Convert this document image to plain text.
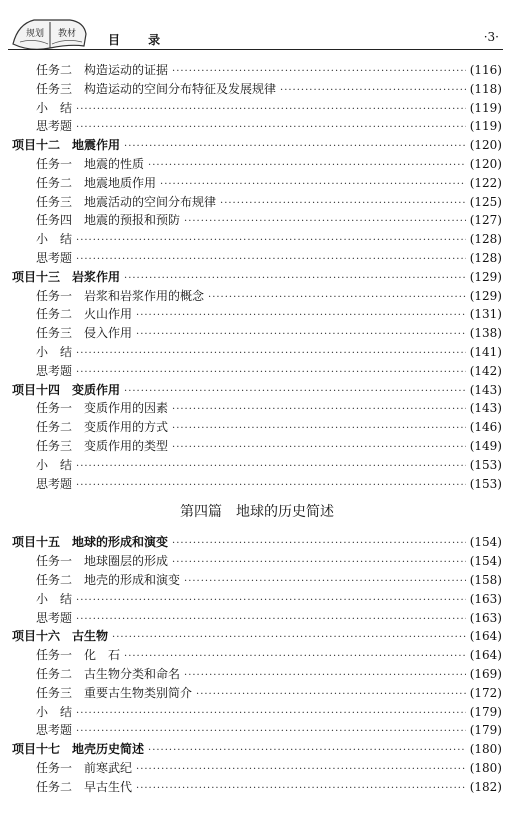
规划 教材	目 录	·3·
任务二　构造运动的证据 ·····	(116)
任务三　构造运动的空间分布特征及发展规律 ·····	(118)
小　结 ·····	(119)
思考题 ·····	(119)
项目十二　地震作用 ·····	(120)
任务一　地震的性质 ·····	(120)
任务二　地震地质作用 ·····	(122)
任务三　地震活动的空间分布规律 ·····	(125)
任务四　地震的预报和预防 ·····	(127)
小　结 ·····	(128)
思考题 ·····	(128)
项目十三　岩浆作用 ·····	(129)
任务一　岩浆和岩浆作用的概念 ·····	(129)
任务二　火山作用 ·····	(131)
任务三　侵入作用 ·····	(138)
小　结 ·····	(141)
思考题 ·····	(142)
项目十四　变质作用 ·····	(143)
任务一　变质作用的因素 ·····	(143)
任务二　变质作用的方式 ·····	(146)
任务三　变质作用的类型 ·····	(149)
小　结 ·····	(153)
思考题 ·····	(153)
第四篇　地球的历史简述
项目十五　地球的形成和演变 ·····	(154)
任务一　地球圈层的形成 ·····	(154)
任务二　地壳的形成和演变 ·····	(158)
小　结 ·····	(163)
思考题 ·····	(163)
项目十六　古生物 ·····	(164)
任务一　化　石 ·····	(164)
任务二　古生物分类和命名 ·····	(169)
任务三　重要古生物类别简介 ·····	(172)
小　结 ·····	(179)
思考题 ·····	(179)
项目十七　地壳历史简述 ·····	(180)
任务一　前寒武纪 ·····	(180)
任务二　早古生代 ·····	(182)
